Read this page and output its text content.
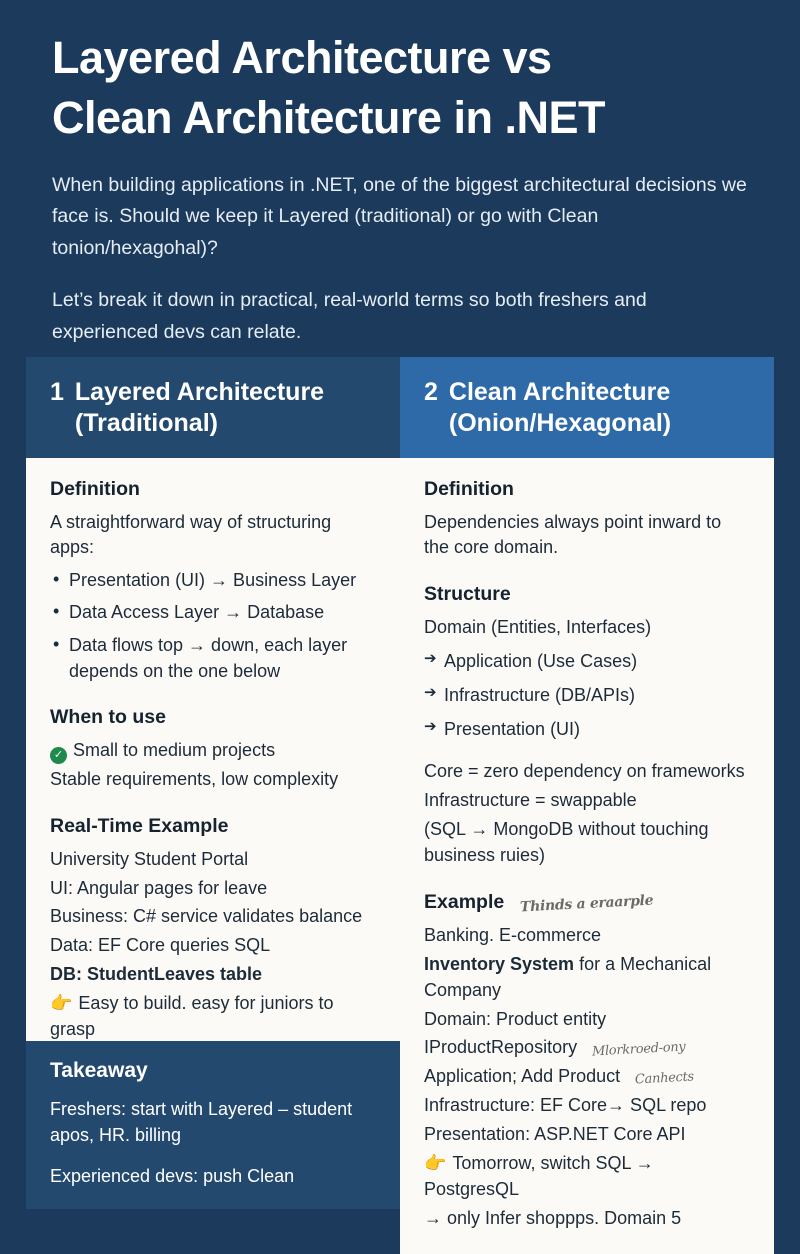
Layered Architecture vs
Clean Architecture in .NET

When building applications in .NET, one of the biggest architectural decisions we face is. Should we keep it Layered (traditional) or go with Clean tonion/hexagohal)?

Let’s break it down in practical, real-world terms so both freshers and experienced devs can relate.

1 Layered Architecture
(Traditional)
Definition
A straightforward way of structuring apps:
• Presentation (UI) → Business Layer
• Data Access Layer → Database
• Data flows top → down, each layer depends on the one below
When to use
✓ Small to medium projects
Stable requirements, low complexity
Real-Time Example
University Student Portal
UI: Angular pages for leave
Business: C# service validates balance
Data: EF Core queries SQL
DB: StudentLeaves table
👉 Easy to build. easy for juniors to grasp
2 Clean Architecture
(Onion/Hexagonal)
Definition
Dependencies always point inward to the core domain.
Structure
Domain (Entities, Interfaces)
➔ Application (Use Cases)
➔ Infrastructure (DB/APIs)
➔ Presentation (UI)
Core = zero dependency on frameworks
Infrastructure = swappable
(SQL → MongoDB without touching business ruies)
Example Thinds a eraarple
Banking. E-commerce
Inventory System for a Mechanical Company
Domain: Product entity
IProductRepository Mlorkroed-ony
Application; Add Product Canhects
Infrastructure: EF Core→ SQL repo
Presentation: ASP.NET Core API
👉 Tomorrow, switch SQL → PostgresQL
→ only Infer shoppps. Domain 5
Takeaway

Freshers: start with Layered – student apos, HR. billing

Experienced devs: push Clean
